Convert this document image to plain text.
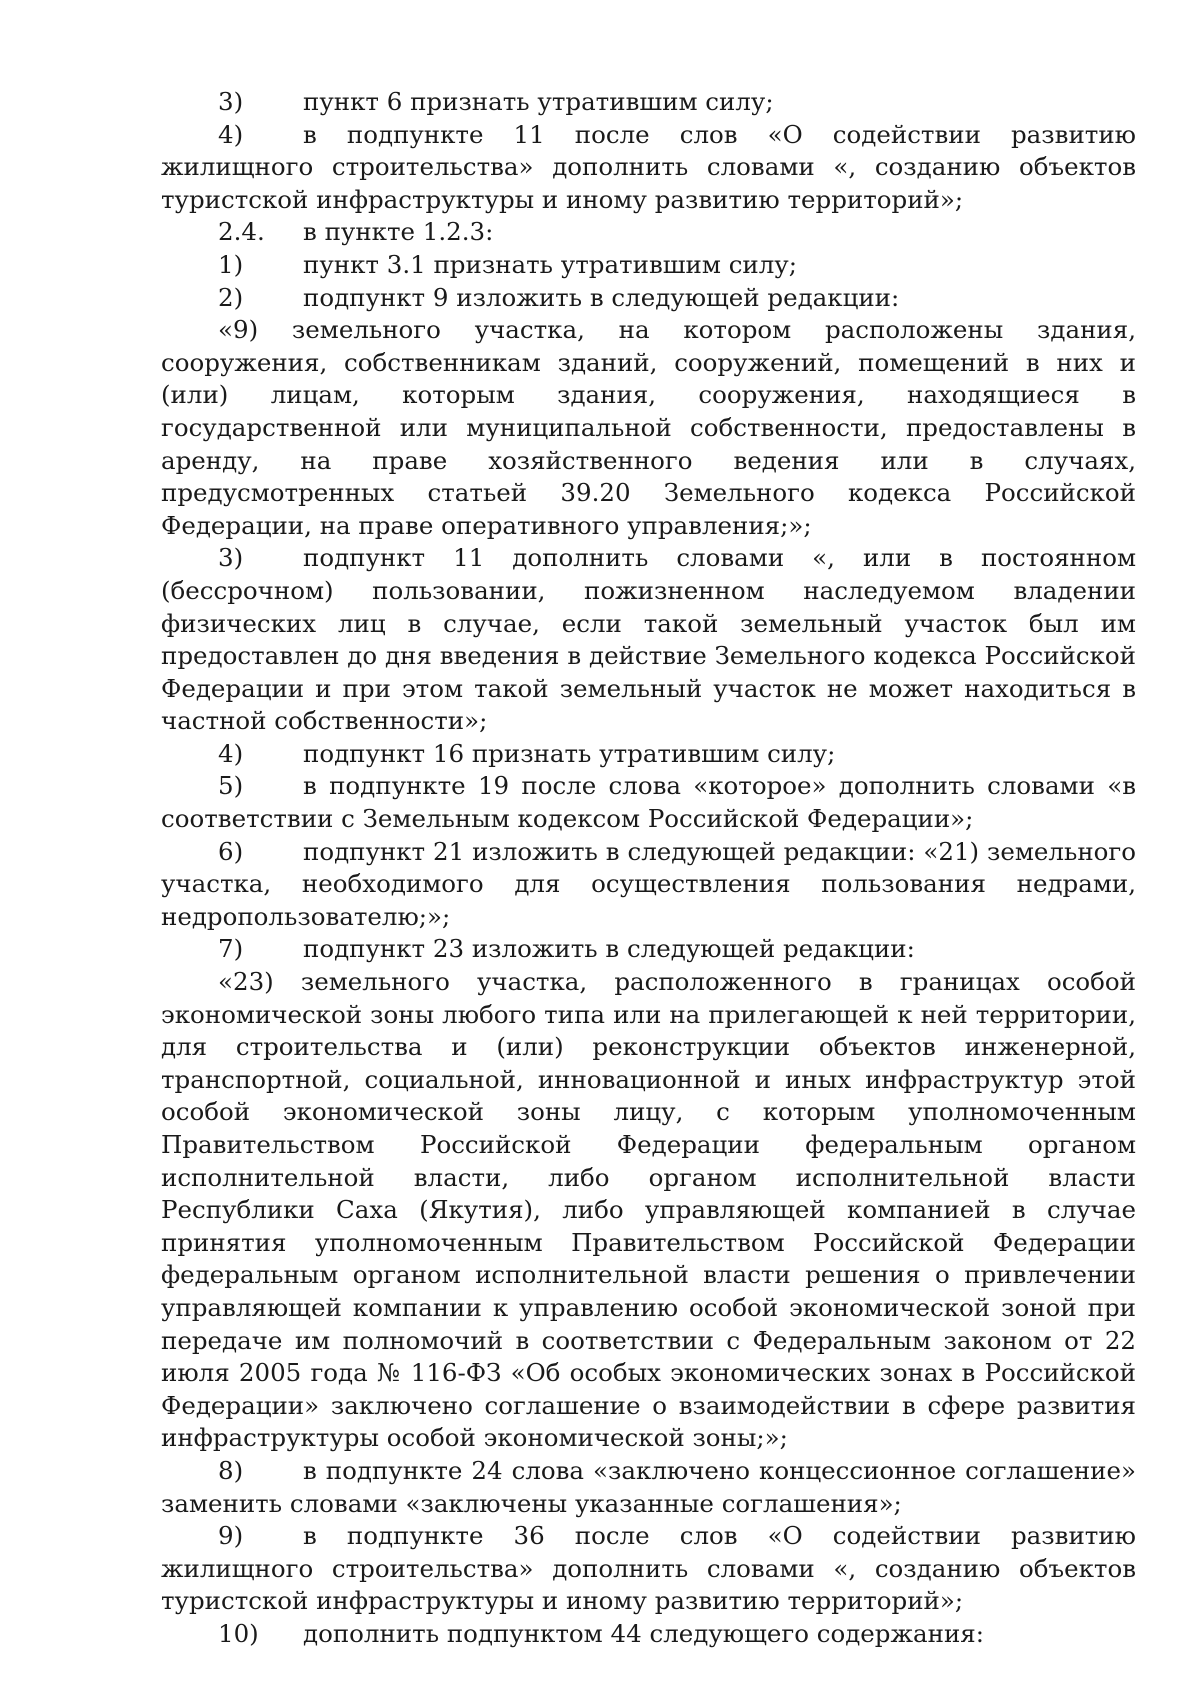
3) пункт 6 признать утратившим силу;

4) в подпункте 11 после слов «О содействии развитию жилищного строительства» дополнить словами «, созданию объектов туристской инфраструктуры и иному развитию территорий»;

2.4. в пункте 1.2.3:

1) пункт 3.1 признать утратившим силу;

2) подпункт 9 изложить в следующей редакции:

«9) земельного участка, на котором расположены здания, сооружения, собственникам зданий, сооружений, помещений в них и (или) лицам, которым здания, сооружения, находящиеся в государственной или муниципальной собственности, предоставлены в аренду, на праве хозяйственного ведения или в случаях, предусмотренных статьей 39.20 Земельного кодекса Российской Федерации, на праве оперативного управления;»;

3) подпункт 11 дополнить словами «, или в постоянном (бессрочном) пользовании, пожизненном наследуемом владении физических лиц в случае, если такой земельный участок был им предоставлен до дня введения в действие Земельного кодекса Российской Федерации и при этом такой земельный участок не может находиться в частной собственности»;

4) подпункт 16 признать утратившим силу;

5) в подпункте 19 после слова «которое» дополнить словами «в соответствии с Земельным кодексом Российской Федерации»;

6) подпункт 21 изложить в следующей редакции: «21) земельного участка, необходимого для осуществления пользования недрами, недропользователю;»;

7) подпункт 23 изложить в следующей редакции:

«23) земельного участка, расположенного в границах особой экономической зоны любого типа или на прилегающей к ней территории, для строительства и (или) реконструкции объектов инженерной, транспортной, социальной, инновационной и иных инфраструктур этой особой экономической зоны лицу, с которым уполномоченным Правительством Российской Федерации федеральным органом исполнительной власти, либо органом исполнительной власти Республики Саха (Якутия), либо управляющей компанией в случае принятия уполномоченным Правительством Российской Федерации федеральным органом исполнительной власти решения о привлечении управляющей компании к управлению особой экономической зоной при передаче им полномочий в соответствии с Федеральным законом от 22 июля 2005 года № 116-ФЗ «Об особых экономических зонах в Российской Федерации» заключено соглашение о взаимодействии в сфере развития инфраструктуры особой экономической зоны;»;

8) в подпункте 24 слова «заключено концессионное соглашение» заменить словами «заключены указанные соглашения»;

9) в подпункте 36 после слов «О содействии развитию жилищного строительства» дополнить словами «, созданию объектов туристской инфраструктуры и иному развитию территорий»;

10) дополнить подпунктом 44 следующего содержания:
